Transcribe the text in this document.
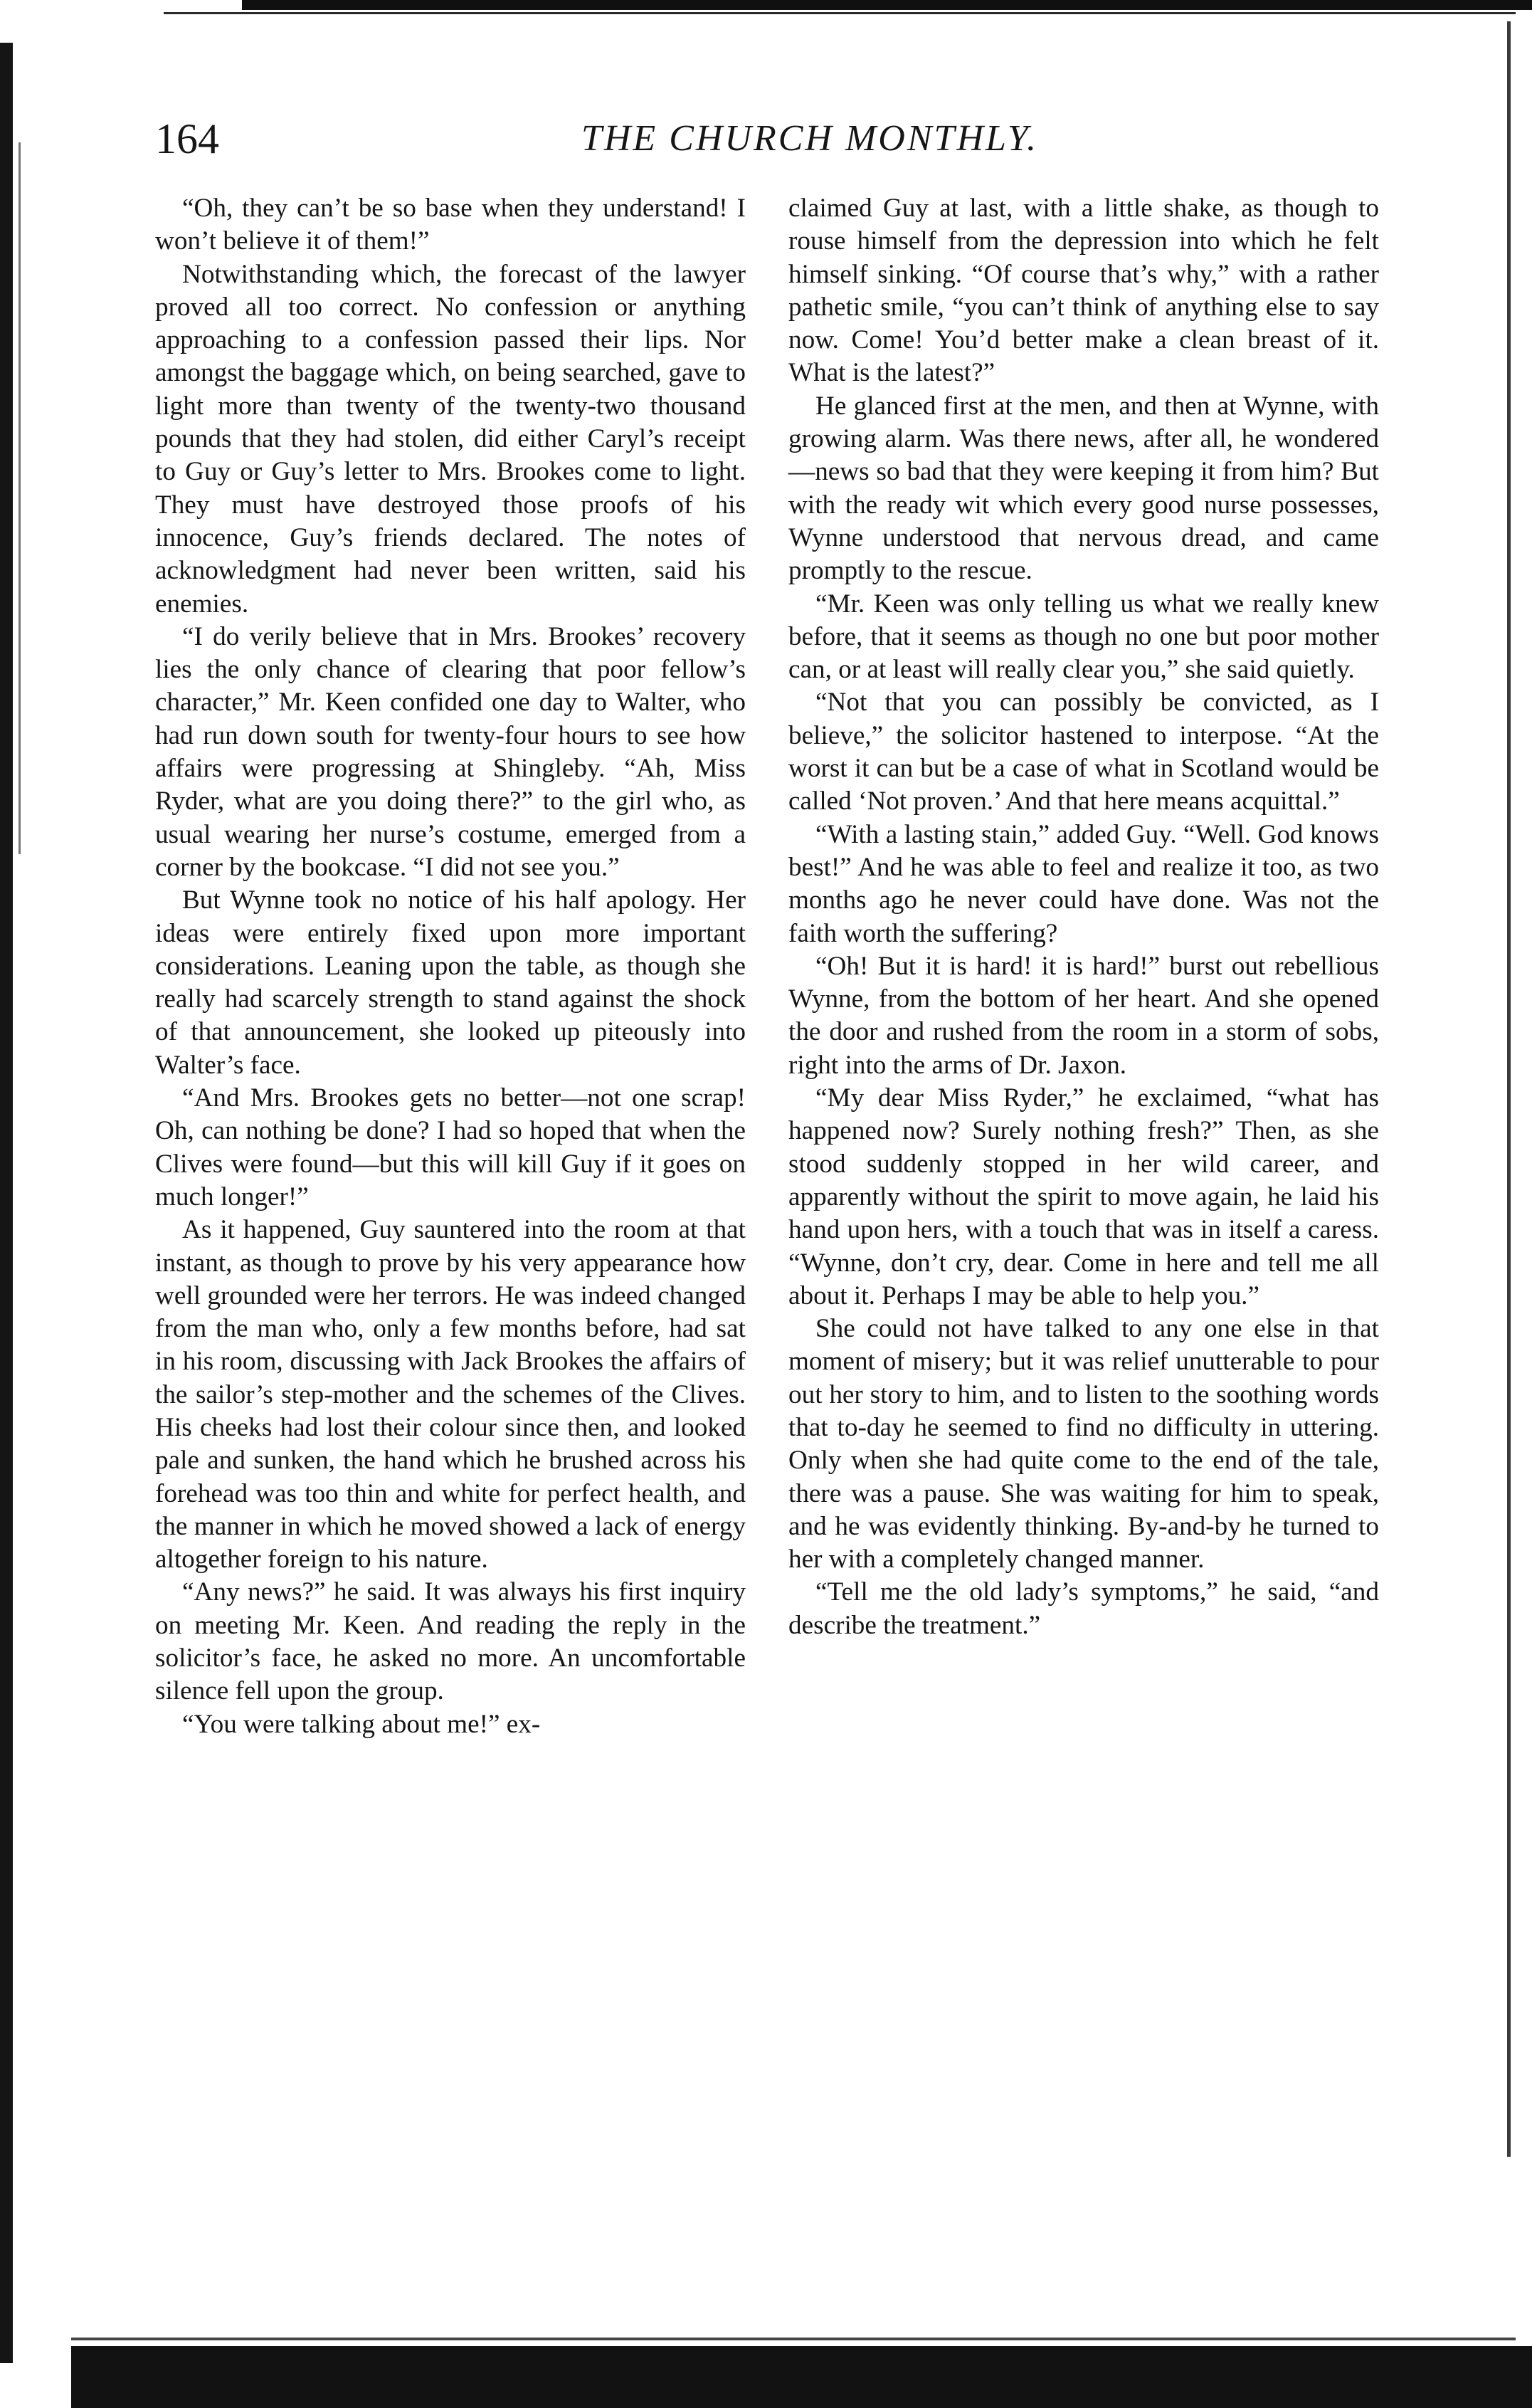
164	THE CHURCH MONTHLY.

“Oh, they can’t be so base when they understand! I won’t believe it of them!”

Notwithstanding which, the forecast of the lawyer proved all too correct. No confession or anything approaching to a confession passed their lips. Nor amongst the baggage which, on being searched, gave to light more than twenty of the twenty-two thousand pounds that they had stolen, did either Caryl’s receipt to Guy or Guy’s letter to Mrs. Brookes come to light. They must have destroyed those proofs of his innocence, Guy’s friends declared. The notes of acknowledgment had never been written, said his enemies.

“I do verily believe that in Mrs. Brookes’ recovery lies the only chance of clearing that poor fellow’s character,” Mr. Keen confided one day to Walter, who had run down south for twenty-four hours to see how affairs were progressing at Shingleby. “Ah, Miss Ryder, what are you doing there?” to the girl who, as usual wearing her nurse’s costume, emerged from a corner by the bookcase. “I did not see you.”

But Wynne took no notice of his half apology. Her ideas were entirely fixed upon more important considerations. Leaning upon the table, as though she really had scarcely strength to stand against the shock of that announcement, she looked up piteously into Walter’s face.

“And Mrs. Brookes gets no better—not one scrap! Oh, can nothing be done? I had so hoped that when the Clives were found—but this will kill Guy if it goes on much longer!”

As it happened, Guy sauntered into the room at that instant, as though to prove by his very appearance how well grounded were her terrors. He was indeed changed from the man who, only a few months before, had sat in his room, discussing with Jack Brookes the affairs of the sailor’s step-mother and the schemes of the Clives. His cheeks had lost their colour since then, and looked pale and sunken, the hand which he brushed across his forehead was too thin and white for perfect health, and the manner in which he moved showed a lack of energy altogether foreign to his nature.

“Any news?” he said. It was always his first inquiry on meeting Mr. Keen. And reading the reply in the solicitor’s face, he asked no more. An uncomfortable silence fell upon the group.

“You were talking about me!” ex-

claimed Guy at last, with a little shake, as though to rouse himself from the depression into which he felt himself sinking. “Of course that’s why,” with a rather pathetic smile, “you can’t think of anything else to say now. Come! You’d better make a clean breast of it. What is the latest?”

He glanced first at the men, and then at Wynne, with growing alarm. Was there news, after all, he wondered—news so bad that they were keeping it from him? But with the ready wit which every good nurse possesses, Wynne understood that nervous dread, and came promptly to the rescue.

“Mr. Keen was only telling us what we really knew before, that it seems as though no one but poor mother can, or at least will really clear you,” she said quietly.

“Not that you can possibly be convicted, as I believe,” the solicitor hastened to interpose. “At the worst it can but be a case of what in Scotland would be called ‘Not proven.’ And that here means acquittal.”

“With a lasting stain,” added Guy. “Well. God knows best!” And he was able to feel and realize it too, as two months ago he never could have done. Was not the faith worth the suffering?

“Oh! But it is hard! it is hard!” burst out rebellious Wynne, from the bottom of her heart. And she opened the door and rushed from the room in a storm of sobs, right into the arms of Dr. Jaxon.

“My dear Miss Ryder,” he exclaimed, “what has happened now? Surely nothing fresh?” Then, as she stood suddenly stopped in her wild career, and apparently without the spirit to move again, he laid his hand upon hers, with a touch that was in itself a caress. “Wynne, don’t cry, dear. Come in here and tell me all about it. Perhaps I may be able to help you.”

She could not have talked to any one else in that moment of misery; but it was relief unutterable to pour out her story to him, and to listen to the soothing words that to-day he seemed to find no difficulty in uttering. Only when she had quite come to the end of the tale, there was a pause. She was waiting for him to speak, and he was evidently thinking. By-and-by he turned to her with a completely changed manner.

“Tell me the old lady’s symptoms,” he said, “and describe the treatment.”
